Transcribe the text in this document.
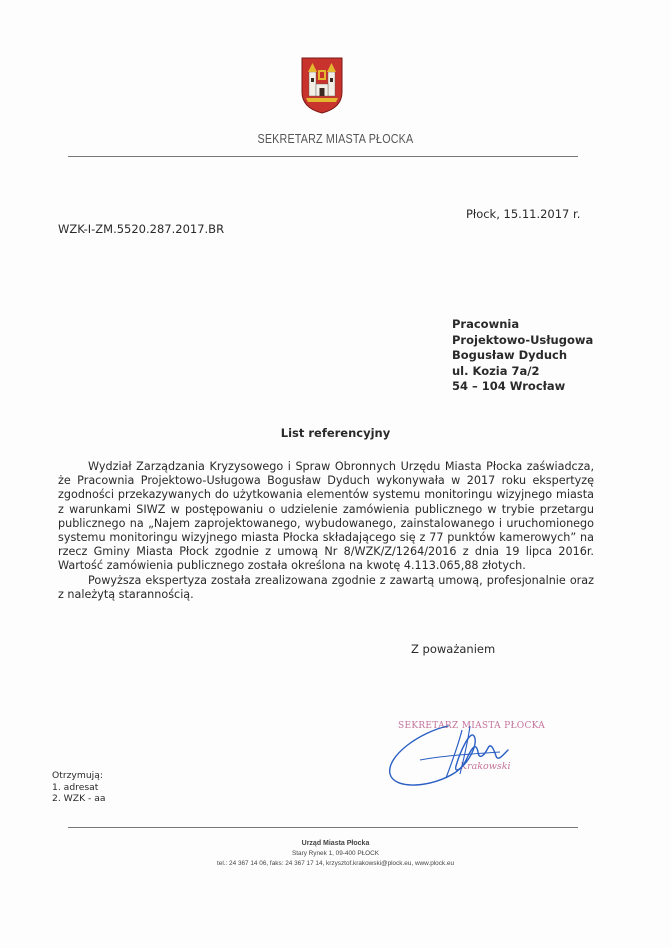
SEKRETARZ MIASTA PŁOCKA
Płock, 15.11.2017 r.
WZK-I-ZM.5520.287.2017.BR
Pracownia
Projektowo-Usługowa
Bogusław Dyduch
ul. Kozia 7a/2
54 – 104 Wrocław
List referencyjny

Wydział Zarządzania Kryzysowego i Spraw Obronnych Urzędu Miasta Płocka zaświadcza, że Pracownia Projektowo-Usługowa Bogusław Dyduch wykonywała w 2017 roku ekspertyzę zgodności przekazywanych do użytkowania elementów systemu monitoringu wizyjnego miasta z warunkami SIWZ w postępowaniu o udzielenie zamówienia publicznego w trybie przetargu publicznego na „Najem zaprojektowanego, wybudowanego, zainstalowanego i uruchomionego systemu monitoringu wizyjnego miasta Płocka składającego się z 77 punktów kamerowych” na rzecz Gminy Miasta Płock zgodnie z umową Nr 8/WZK/Z/1264/2016 z dnia 19 lipca 2016r. Wartość zamówienia publicznego została określona na kwotę 4.113.065,88 złotych.

Powyższa ekspertyza została zrealizowana zgodnie z zawartą umową, profesjonalnie oraz z należytą starannością.

Z poważaniem
SEKRETARZ MIASTA PŁOCKA
Krakowski
Otrzymują:
1. adresat
2. WZK - aa
Urząd Miasta Płocka
Stary Rynek 1, 09-400 PŁOCK
tel.: 24 367 14 06, faks: 24 367 17 14, krzysztof.krakowski@plock.eu, www.plock.eu
